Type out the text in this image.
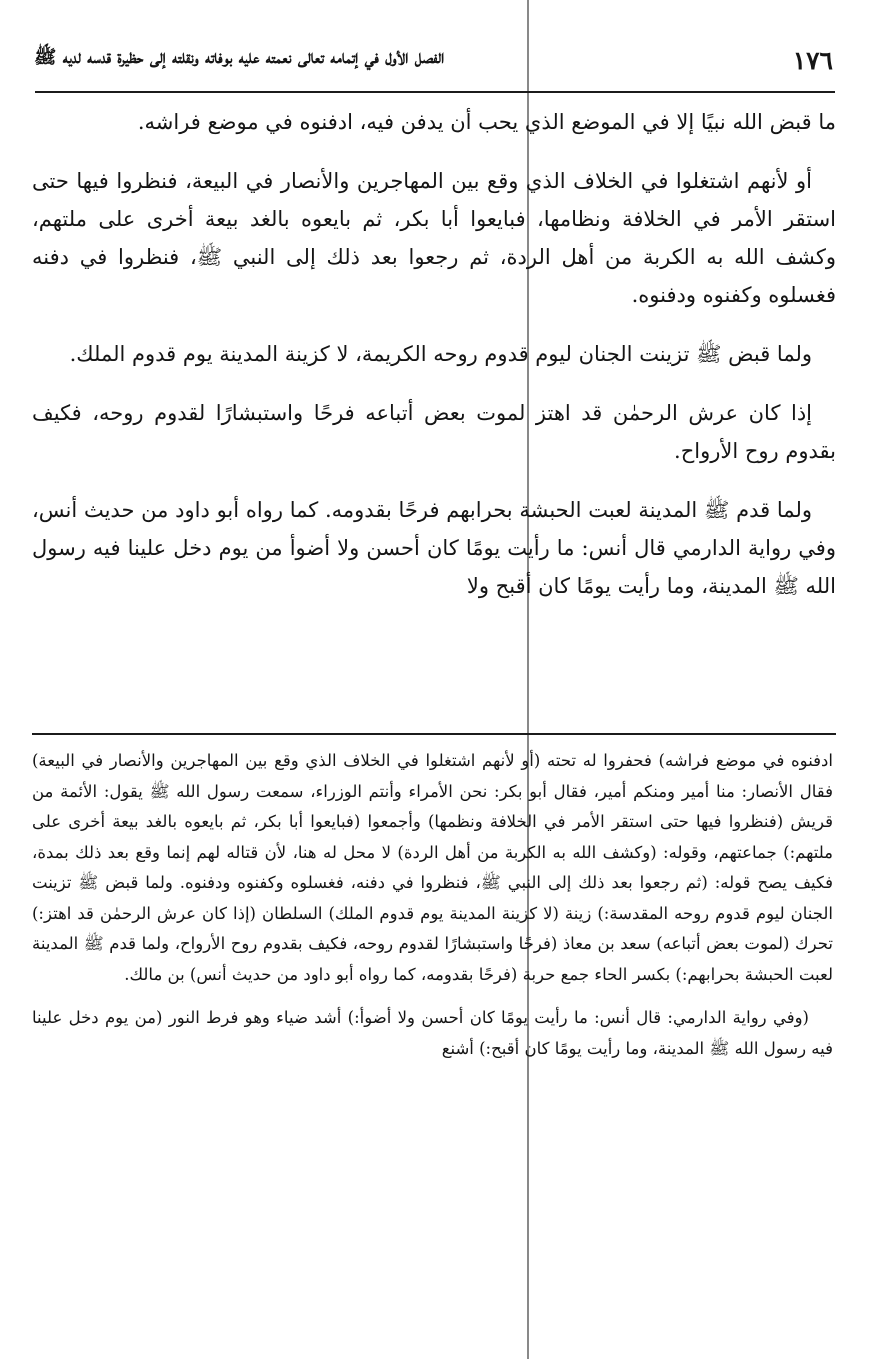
١٧٦
الفصل الأول في إتمامه تعالى نعمته عليه بوفاته ونقلته إلى حظيرة قدسه لديه ﷺ

ما قبض الله نبيًا إلا في الموضع الذي يحب أن يدفن فيه، ادفنوه في موضع فراشه.

أو لأنهم اشتغلوا في الخلاف الذي وقع بين المهاجرين والأنصار في البيعة، فنظروا فيها حتى استقر الأمر في الخلافة ونظامها، فبايعوا أبا بكر، ثم بايعوه بالغد بيعة أخرى على ملتهم، وكشف الله به الكربة من أهل الردة، ثم رجعوا بعد ذلك إلى النبي ﷺ، فنظروا في دفنه فغسلوه وكفنوه ودفنوه.

ولما قبض ﷺ تزينت الجنان ليوم قدوم روحه الكريمة، لا كزينة المدينة يوم قدوم الملك.

إذا كان عرش الرحمٰن قد اهتز لموت بعض أتباعه فرحًا واستبشارًا لقدوم روحه، فكيف بقدوم روح الأرواح.

ولما قدم ﷺ المدينة لعبت الحبشة بحرابهم فرحًا بقدومه. كما رواه أبو داود من حديث أنس، وفي رواية الدارمي قال أنس: ما رأيت يومًا كان أحسن ولا أضوأ من يوم دخل علينا فيه رسول الله ﷺ المدينة، وما رأيت يومًا كان أقبح ولا

ادفنوه في موضع فراشه) فحفروا له تحته (أو لأنهم اشتغلوا في الخلاف الذي وقع بين المهاجرين والأنصار في البيعة) فقال الأنصار: منا أمير ومنكم أمير، فقال أبو بكر: نحن الأمراء وأنتم الوزراء، سمعت رسول الله ﷺ يقول: الأئمة من قريش (فنظروا فيها حتى استقر الأمر في الخلافة ونظمها) وأجمعوا (فبايعوا أبا بكر، ثم بايعوه بالغد بيعة أخرى على ملتهم:) جماعتهم، وقوله: (وكشف الله به الكربة من أهل الردة) لا محل له هنا، لأن قتاله لهم إنما وقع بعد ذلك بمدة، فكيف يصح قوله: (ثم رجعوا بعد ذلك إلى النبي ﷺ، فنظروا في دفنه، فغسلوه وكفنوه ودفنوه. ولما قبض ﷺ تزينت الجنان ليوم قدوم روحه المقدسة:) زينة (لا كزينة المدينة يوم قدوم الملك) السلطان (إذا كان عرش الرحمٰن قد اهتز:) تحرك (لموت بعض أتباعه) سعد بن معاذ (فرحًا واستبشارًا لقدوم روحه، فكيف بقدوم روح الأرواح، ولما قدم ﷺ المدينة لعبت الحبشة بحرابهم:) بكسر الحاء جمع حربة (فرحًا بقدومه، كما رواه أبو داود من حديث أنس) بن مالك.

(وفي رواية الدارمي: قال أنس: ما رأيت يومًا كان أحسن ولا أضوأ:) أشد ضياء وهو فرط النور (من يوم دخل علينا فيه رسول الله ﷺ المدينة، وما رأيت يومًا كان أقبح:) أشنع
